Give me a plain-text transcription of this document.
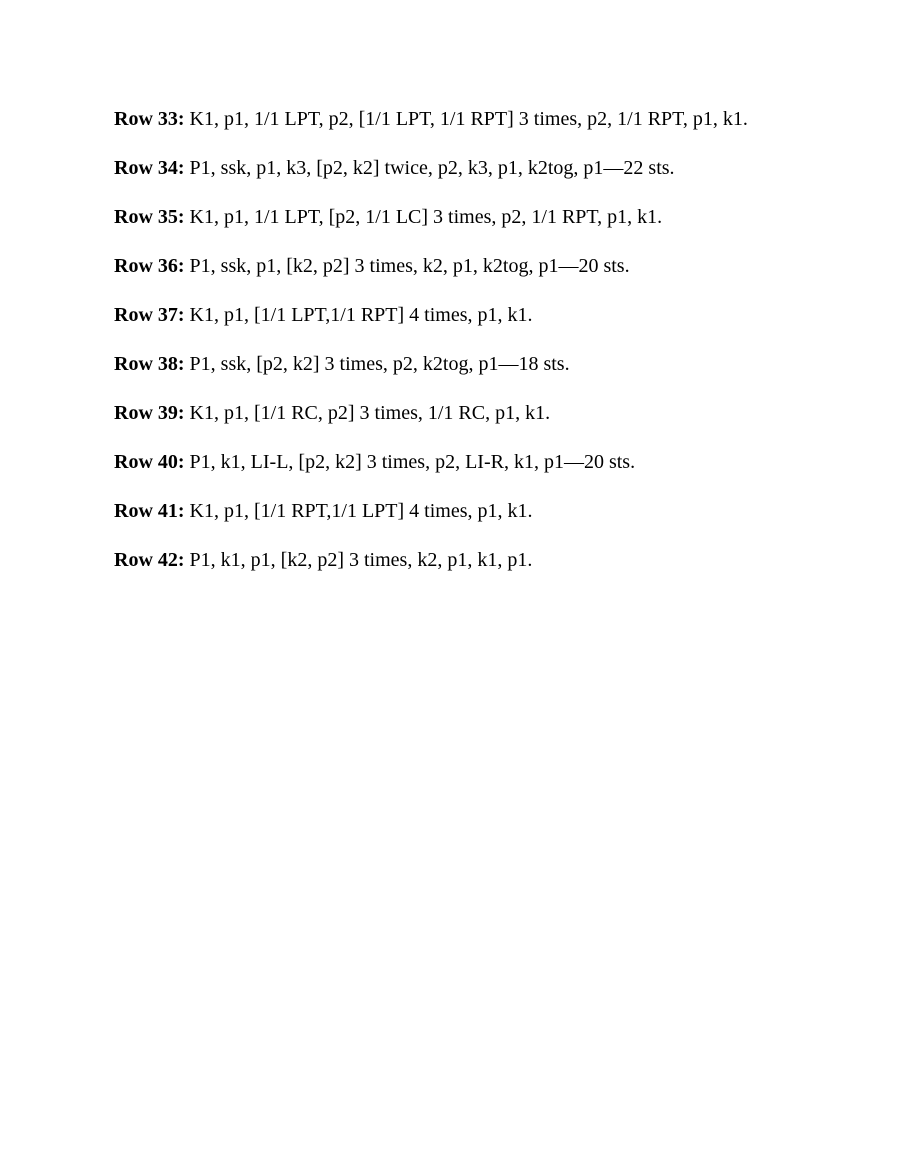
Row 33: K1, p1, 1/1 LPT, p2, [1/1 LPT, 1/1 RPT] 3 times, p2, 1/1 RPT, p1, k1.

Row 34: P1, ssk, p1, k3, [p2, k2] twice, p2, k3, p1, k2tog, p1—22 sts.

Row 35: K1, p1, 1/1 LPT, [p2, 1/1 LC] 3 times, p2, 1/1 RPT, p1, k1.

Row 36: P1, ssk, p1, [k2, p2] 3 times, k2, p1, k2tog, p1—20 sts.

Row 37: K1, p1, [1/1 LPT,1/1 RPT] 4 times, p1, k1.

Row 38: P1, ssk, [p2, k2] 3 times, p2, k2tog, p1—18 sts.

Row 39: K1, p1, [1/1 RC, p2] 3 times, 1/1 RC, p1, k1.

Row 40: P1, k1, LI-L, [p2, k2] 3 times, p2, LI-R, k1, p1—20 sts.

Row 41: K1, p1, [1/1 RPT,1/1 LPT] 4 times, p1, k1.

Row 42: P1, k1, p1, [k2, p2] 3 times, k2, p1, k1, p1.
